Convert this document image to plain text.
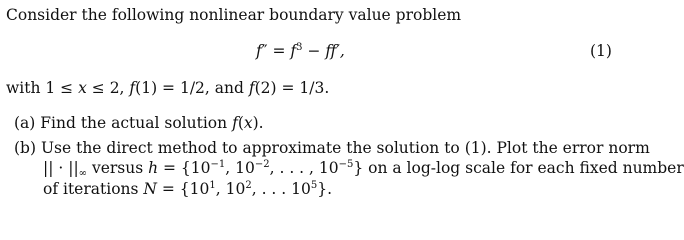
Consider the following nonlinear boundary value problem
$f'' = f^3 - ff'$,	(1)
with 1 ≤ x ≤ 2, f(1) = 1/2, and f(2) = 1/3.
(a) Find the actual solution f(x).
(b) Use the direct method to approximate the solution to (1). Plot the error norm
|| · $||_\infty$ versus $h = \{10^{-1}$, $10^{-2}$, . . . , $10^{-5}$} on a log-log scale for each fixed number
of iterations $N = \{10^1$, $10^2$, . . . $10^5$}.
